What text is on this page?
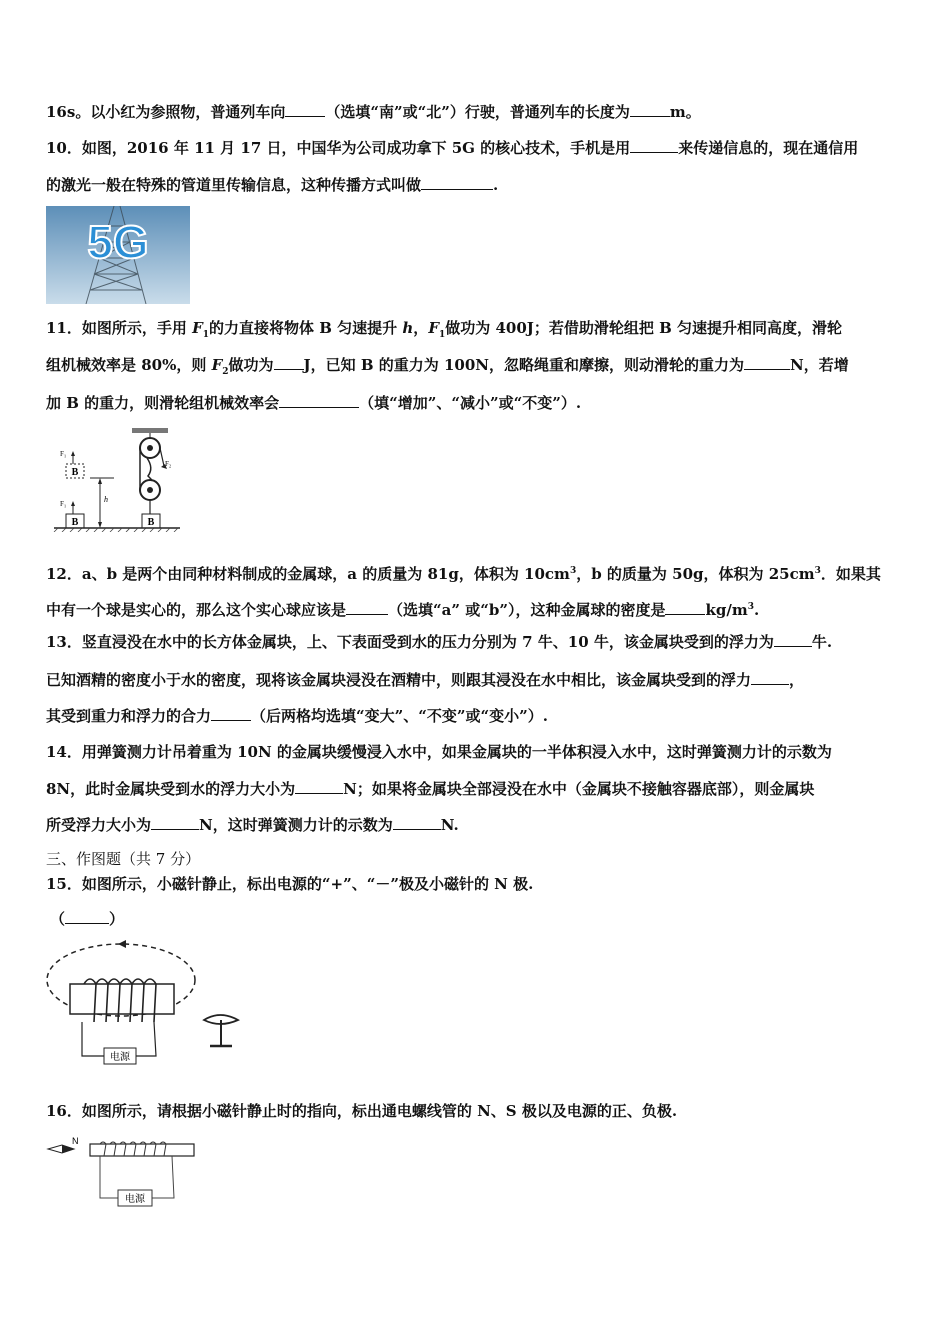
16s。以小红为参照物，普通列车向	（选填“南”或“北”）行驶，普通列车的长度为	m。
10．如图，2016 年 11 月 17 日，中国华为公司成功拿下 5G 的核心技术，手机是用	来传递信息的，现在通信用
的激光一般在特殊的管道里传输信息，这种传播方式叫做	.
5G
11．如图所示，手用 $F_1$的力直接将物体 B 匀速提升 h，$F_1$做功为 400J；若借助滑轮组把 B 匀速提升相同高度，滑轮
组机械效率是 80%，则 $F_2$做功为 J，已知 B 的重力为 100N，忽略绳重和摩擦，则动滑轮的重力为	N，若增
加 B 的重力，则滑轮组机械效率会	（填“增加”、“减小”或“不变”）.
B
F₁
B
F₁	h
F₂
B
12．a、b 是两个由同种材料制成的金属球，a 的质量为 81g，体积为 $10cm^3$，b 的质量为 50g，体积为 $25cm^3$．如果其
中有一个球是实心的，那么这个实心球应该是	（选填“a” 或“b”），这种金属球的密度是	$kg/m^3$.
13．竖直浸没在水中的长方体金属块，上、下表面受到水的压力分别为 7 牛、10 牛，该金属块受到的浮力为	牛.
已知酒精的密度小于水的密度，现将该金属块浸没在酒精中，则跟其浸没在水中相比，该金属块受到的浮力	，
其受到重力和浮力的合力	（后两格均选填“变大”、“不变”或“变小”）.
14．用弹簧测力计吊着重为 10N 的金属块缓慢浸入水中，如果金属块的一半体积浸入水中，这时弹簧测力计的示数为
8N，此时金属块受到水的浮力大小为	N；如果将金属块全部浸没在水中（金属块不接触容器底部），则金属块
所受浮力大小为	N，这时弹簧测力计的示数为	N.
三、作图题（共 7 分）
15．如图所示，小磁针静止，标出电源的“+”、“－”极及小磁针的 N 极.
（	）
电源
16．如图所示，请根据小磁针静止时的指向，标出通电螺线管的 N、S 极以及电源的正、负极.
N
电源
